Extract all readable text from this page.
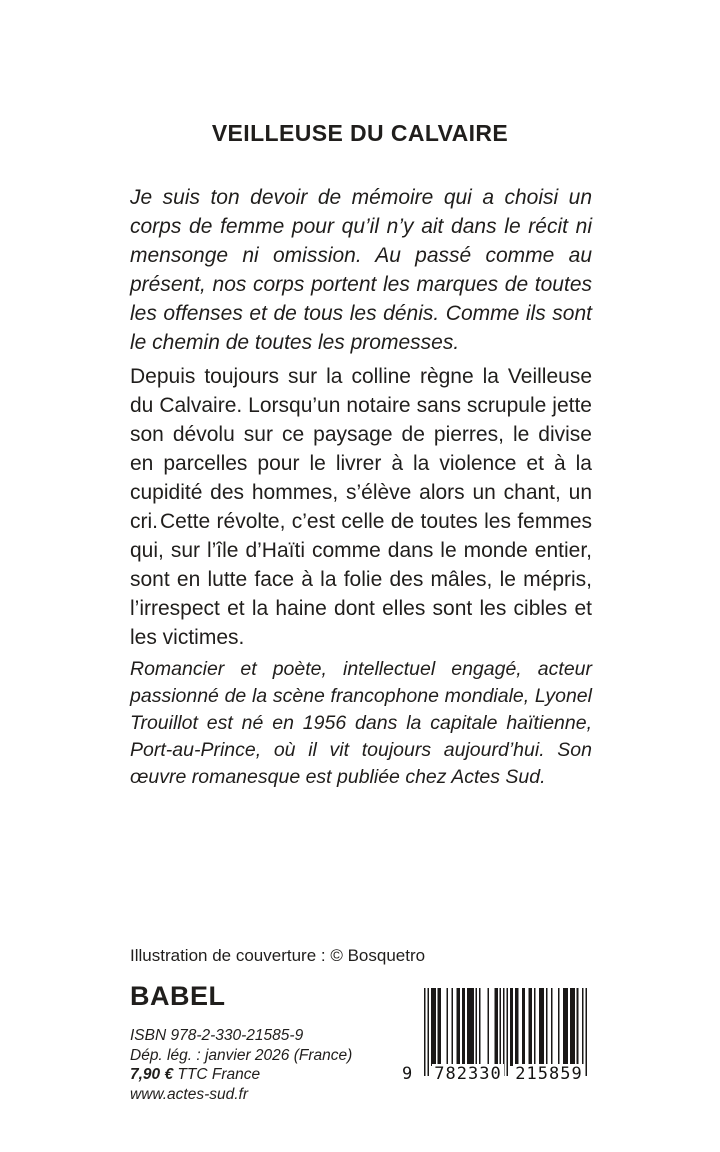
VEILLEUSE DU CALVAIRE
Je suis ton devoir de mémoire qui a choisi un corps de femme pour qu’il n’y ait dans le récit ni mensonge ni omission. Au passé comme au présent, nos corps portent les marques de toutes les offenses et de tous les dénis. Comme ils sont le chemin de toutes les promesses.
Depuis toujours sur la colline règne la Veilleuse du Calvaire. Lorsqu’un notaire sans scrupule jette son dévolu sur ce paysage de pierres, le divise en parcelles pour le livrer à la violence et à la cupidité des hommes, s’élève alors un chant, un cri. Cette révolte, c’est celle de toutes les femmes qui, sur l’île d’Haïti comme dans le monde entier, sont en lutte face à la folie des mâles, le mépris, l’irrespect et la haine dont elles sont les cibles et les victimes.
Romancier et poète, intellectuel engagé, acteur passionné de la scène francophone mondiale, Lyonel Trouillot est né en 1956 dans la capitale haïtienne, Port-au-Prince, où il vit toujours aujourd’hui. Son œuvre romanesque est publiée chez Actes Sud.
Illustration de couverture : © Bosquetro
BABEL
ISBN 978-2-330-21585-9
Dép. lég. : janvier 2026 (France)
7,90 € TTC France
www.actes-sud.fr
9 782330 215859
